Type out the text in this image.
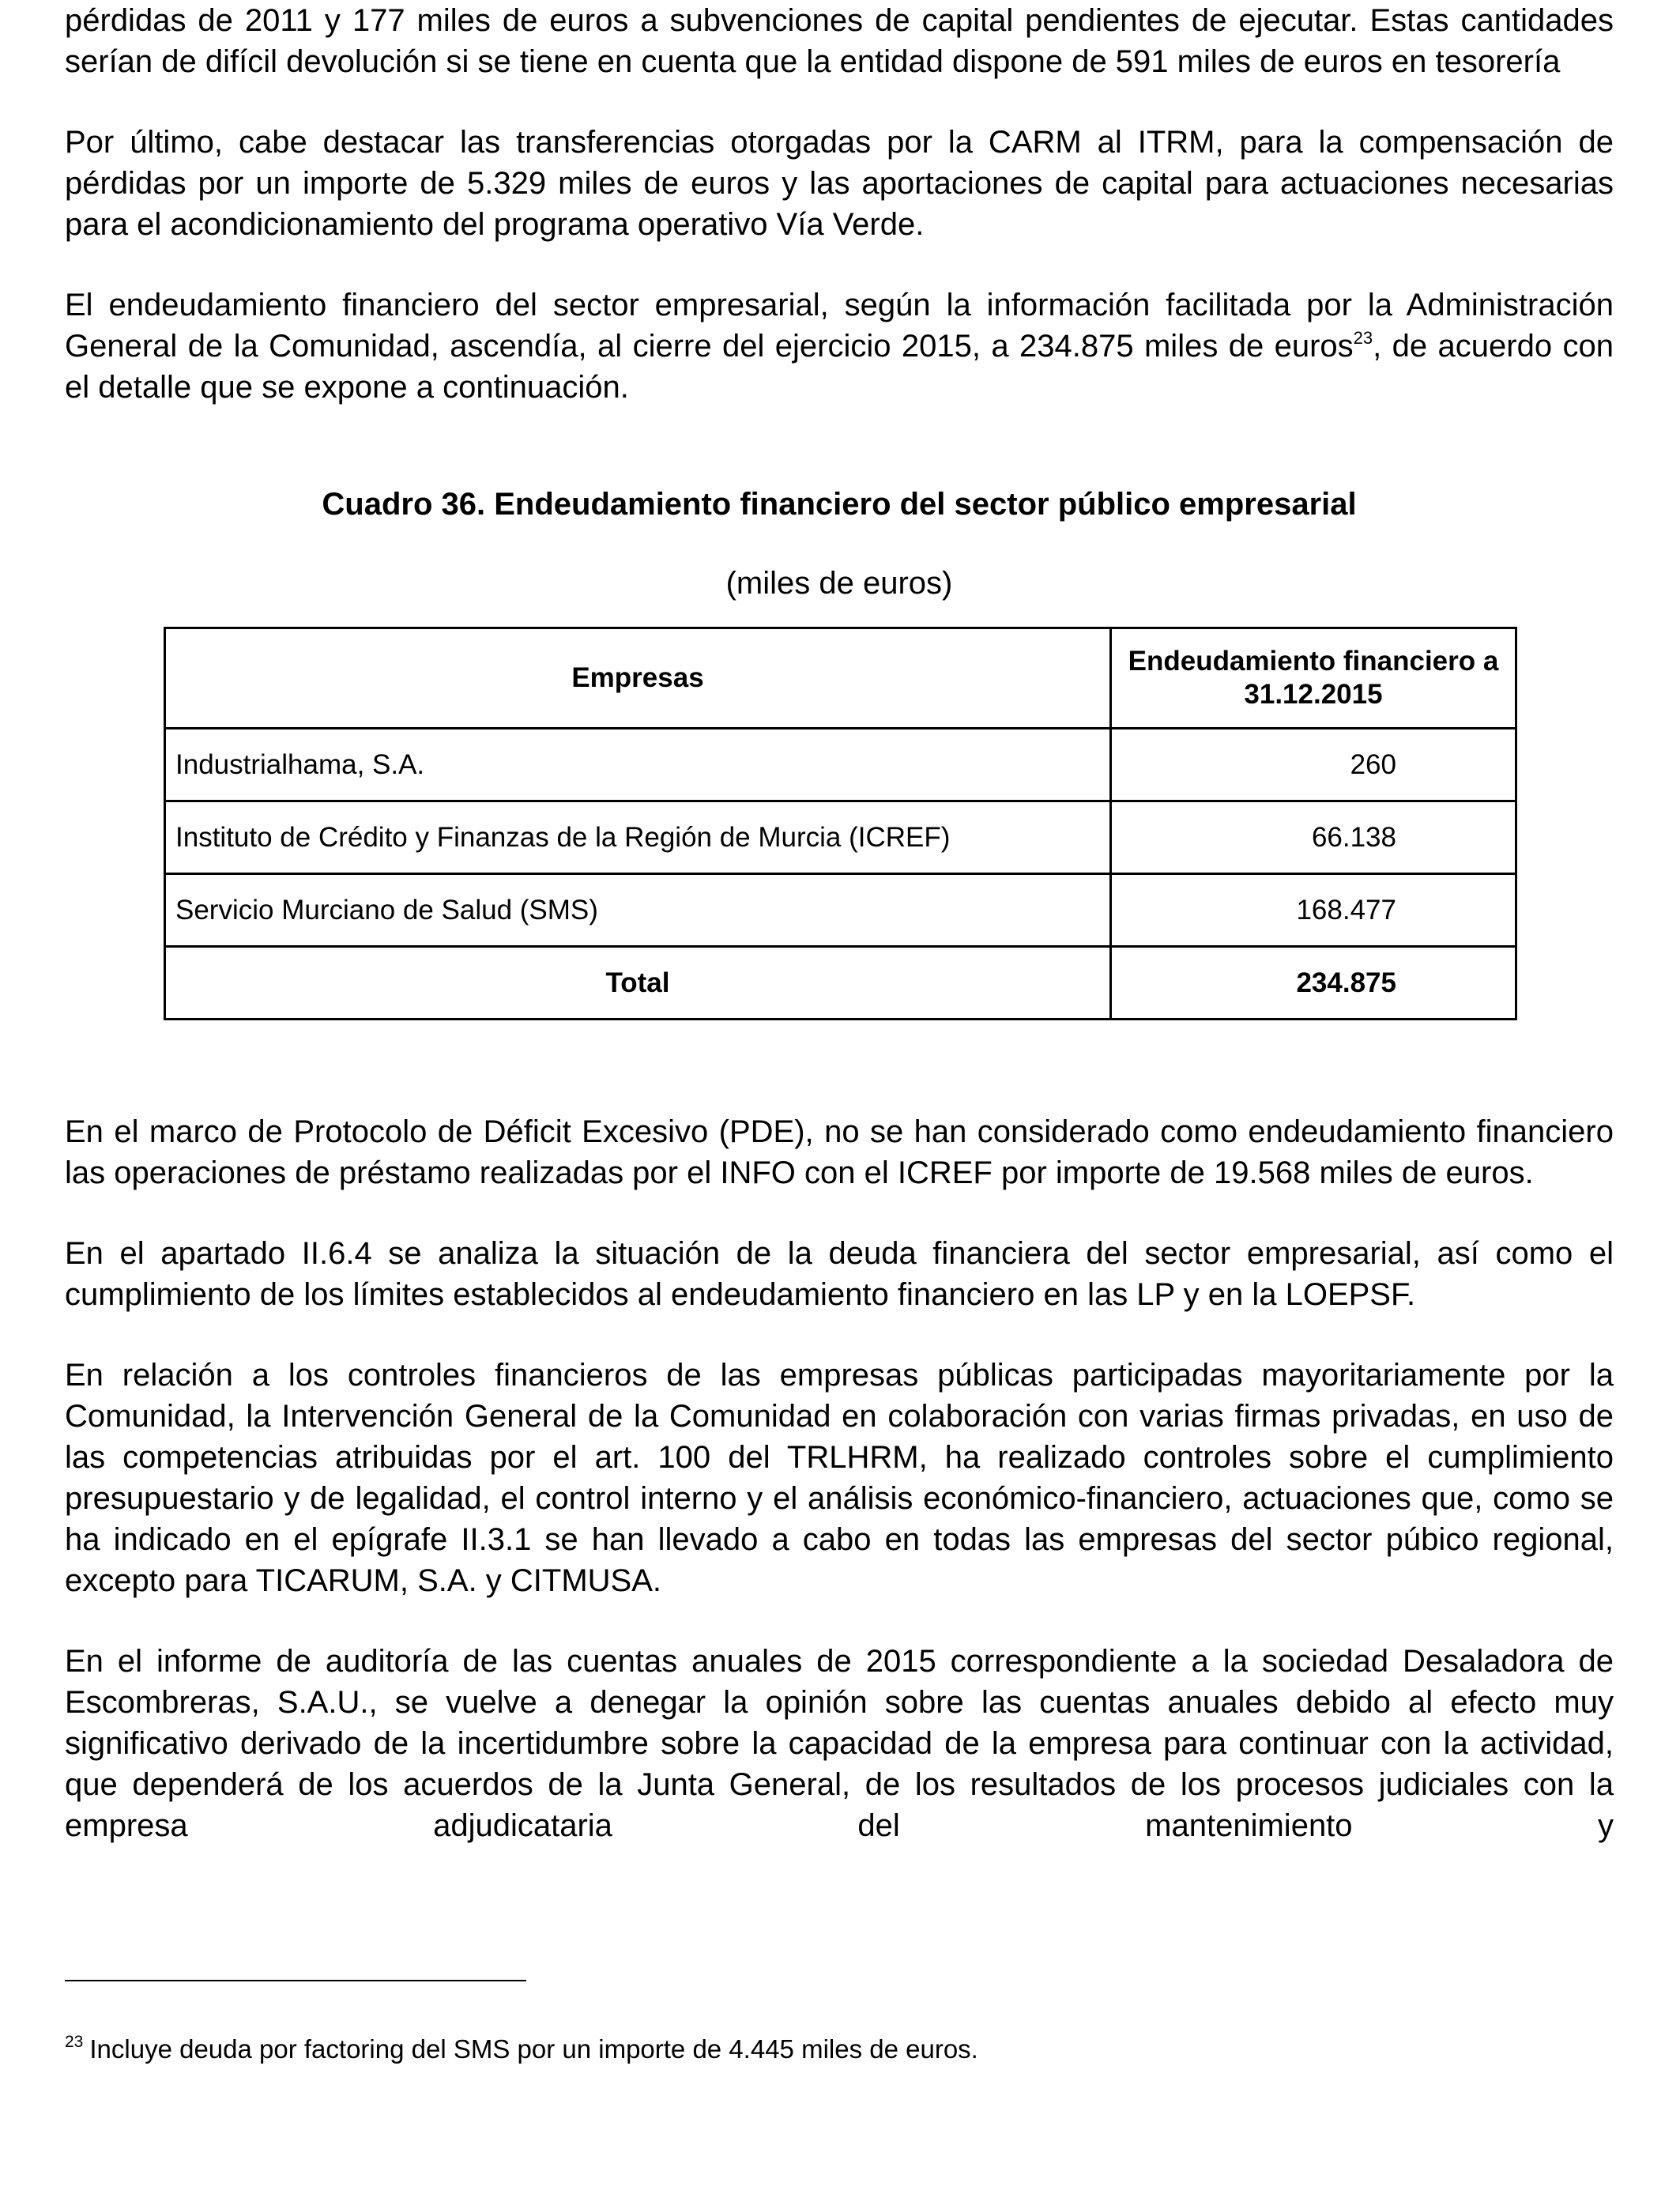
pérdidas de 2011 y 177 miles de euros a subvenciones de capital pendientes de ejecutar. Estas cantidades serían de difícil devolución si se tiene en cuenta que la entidad dispone de 591 miles de euros en tesorería

Por último, cabe destacar las transferencias otorgadas por la CARM al ITRM, para la compensación de pérdidas por un importe de 5.329 miles de euros y las aportaciones de capital para actuaciones necesarias para el acondicionamiento del programa operativo Vía Verde.

El endeudamiento financiero del sector empresarial, según la información facilitada por la Administración General de la Comunidad, ascendía, al cierre del ejercicio 2015, a 234.875 miles de euros$^{23}$, de acuerdo con el detalle que se expone a continuación.

Cuadro 36. Endeudamiento financiero del sector público empresarial

(miles de euros)

Empresas	Endeudamiento financiero a 31.12.2015
Industrialhama, S.A.	260
Instituto de Crédito y Finanzas de la Región de Murcia (ICREF)	66.138
Servicio Murciano de Salud (SMS)	168.477
Total	234.875

En el marco de Protocolo de Déficit Excesivo (PDE), no se han considerado como endeudamiento financiero las operaciones de préstamo realizadas por el INFO con el ICREF por importe de 19.568 miles de euros.

En el apartado II.6.4 se analiza la situación de la deuda financiera del sector empresarial, así como el cumplimiento de los límites establecidos al endeudamiento financiero en las LP y en la LOEPSF.

En relación a los controles financieros de las empresas públicas participadas mayoritariamente por la Comunidad, la Intervención General de la Comunidad en colaboración con varias firmas privadas, en uso de las competencias atribuidas por el art. 100 del TRLHRM, ha realizado controles sobre el cumplimiento presupuestario y de legalidad, el control interno y el análisis económico-financiero, actuaciones que, como se ha indicado en el epígrafe II.3.1 se han llevado a cabo en todas las empresas del sector púbico regional, excepto para TICARUM, S.A. y CITMUSA.

En el informe de auditoría de las cuentas anuales de 2015 correspondiente a la sociedad Desaladora de Escombreras, S.A.U., se vuelve a denegar la opinión sobre las cuentas anuales debido al efecto muy significativo derivado de la incertidumbre sobre la capacidad de la empresa para continuar con la actividad, que dependerá de los acuerdos de la Junta General, de los resultados de los procesos judiciales con la empresa adjudicataria del mantenimiento y

$^{23}$ Incluye deuda por factoring del SMS por un importe de 4.445 miles de euros.
